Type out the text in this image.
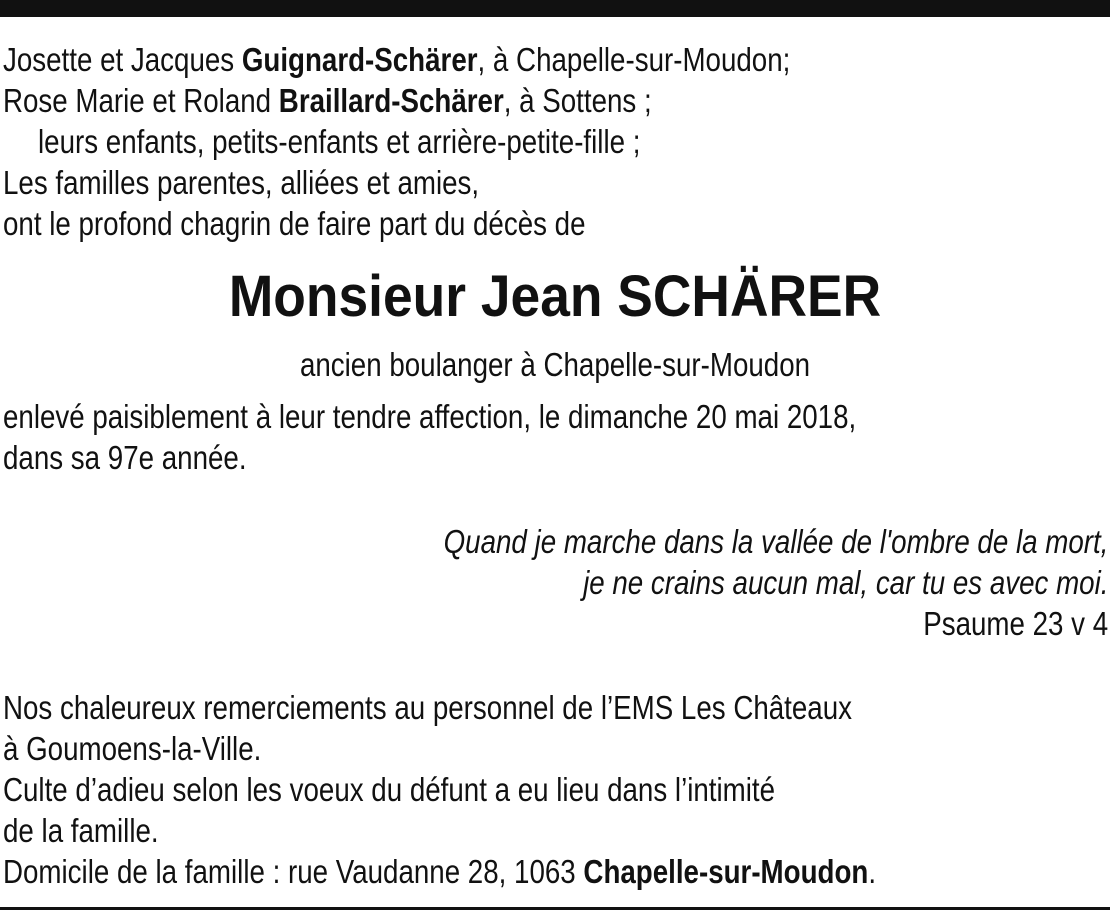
Josette et Jacques Guignard-Schärer, à Chapelle-sur-Moudon;
Rose Marie et Roland Braillard-Schärer, à Sottens ;
leurs enfants, petits-enfants et arrière-petite-fille ;
Les familles parentes, alliées et amies,
ont le profond chagrin de faire part du décès de
Monsieur Jean SCHÄRER
ancien boulanger à Chapelle-sur-Moudon
enlevé paisiblement à leur tendre affection, le dimanche 20 mai 2018,
dans sa 97e année.
Quand je marche dans la vallée de l'ombre de la mort,
je ne crains aucun mal, car tu es avec moi.
Psaume 23 v 4
Nos chaleureux remerciements au personnel de l’EMS Les Châteaux
à Goumoens-la-Ville.
Culte d’adieu selon les voeux du défunt a eu lieu dans l’intimité
de la famille.
Domicile de la famille : rue Vaudanne 28, 1063 Chapelle-sur-Moudon.
